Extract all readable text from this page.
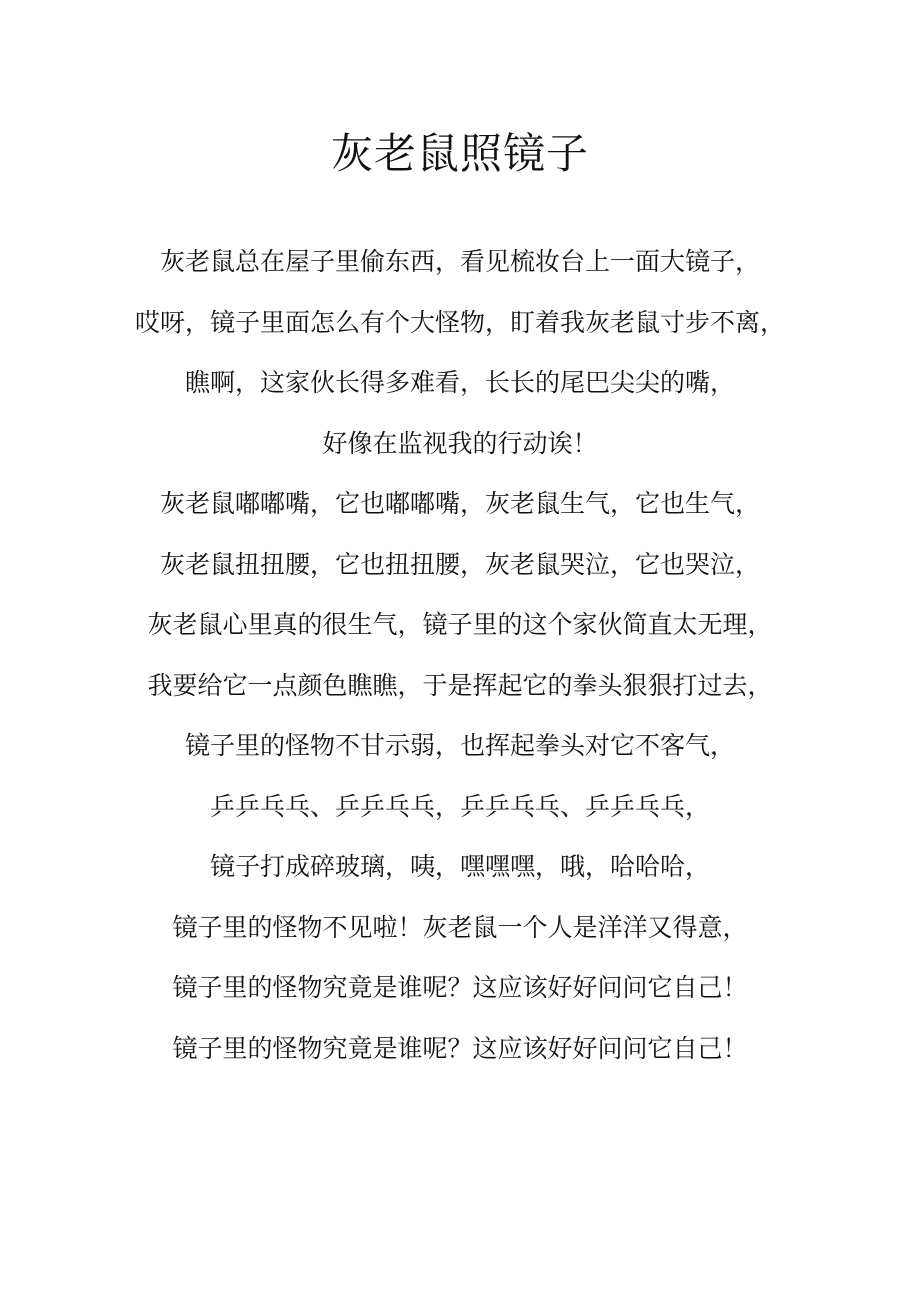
灰老鼠照镜子
灰老鼠总在屋子里偷东西，看见梳妆台上一面大镜子，
哎呀，镜子里面怎么有个大怪物，盯着我灰老鼠寸步不离，
瞧啊，这家伙长得多难看，长长的尾巴尖尖的嘴，
好像在监视我的行动诶！
灰老鼠嘟嘟嘴，它也嘟嘟嘴，灰老鼠生气，它也生气，
灰老鼠扭扭腰，它也扭扭腰，灰老鼠哭泣，它也哭泣，
灰老鼠心里真的很生气，镜子里的这个家伙简直太无理，
我要给它一点颜色瞧瞧，于是挥起它的拳头狠狠打过去，
镜子里的怪物不甘示弱，也挥起拳头对它不客气，
乒乒乓乓、乒乒乓乓，乒乒乓乓、乒乒乓乓，
镜子打成碎玻璃，咦，嘿嘿嘿，哦，哈哈哈，
镜子里的怪物不见啦！灰老鼠一个人是洋洋又得意，
镜子里的怪物究竟是谁呢？这应该好好问问它自己！
镜子里的怪物究竟是谁呢？这应该好好问问它自己！
